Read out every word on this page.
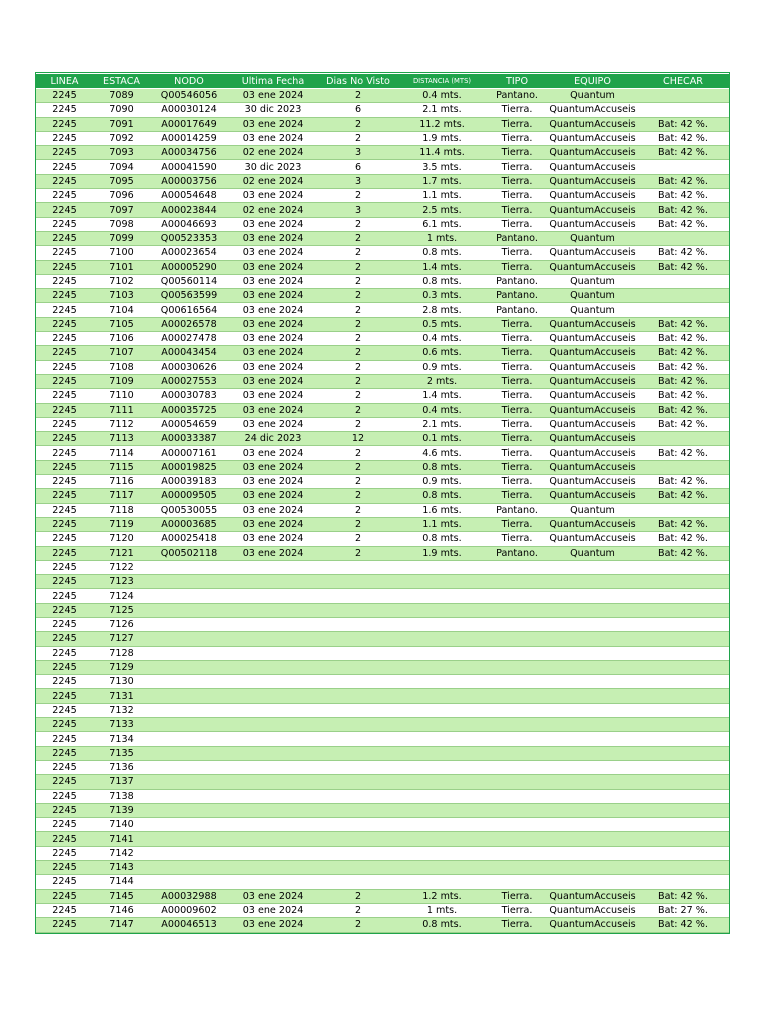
LINEA	ESTACA	NODO	Ultima Fecha	Dias No Visto	DISTANCIA (MTS)	TIPO	EQUIPO	CHECAR
2245	7089	Q00546056	03 ene 2024	2	0.4 mts.	Pantano.	Quantum	
2245	7090	A00030124	30 dic 2023	6	2.1 mts.	Tierra.	QuantumAccuseis	
2245	7091	A00017649	03 ene 2024	2	11.2 mts.	Tierra.	QuantumAccuseis	Bat: 42 %.
2245	7092	A00014259	03 ene 2024	2	1.9 mts.	Tierra.	QuantumAccuseis	Bat: 42 %.
2245	7093	A00034756	02 ene 2024	3	11.4 mts.	Tierra.	QuantumAccuseis	Bat: 42 %.
2245	7094	A00041590	30 dic 2023	6	3.5 mts.	Tierra.	QuantumAccuseis	
2245	7095	A00003756	02 ene 2024	3	1.7 mts.	Tierra.	QuantumAccuseis	Bat: 42 %.
2245	7096	A00054648	03 ene 2024	2	1.1 mts.	Tierra.	QuantumAccuseis	Bat: 42 %.
2245	7097	A00023844	02 ene 2024	3	2.5 mts.	Tierra.	QuantumAccuseis	Bat: 42 %.
2245	7098	A00046693	03 ene 2024	2	6.1 mts.	Tierra.	QuantumAccuseis	Bat: 42 %.
2245	7099	Q00523353	03 ene 2024	2	1 mts.	Pantano.	Quantum	
2245	7100	A00023654	03 ene 2024	2	0.8 mts.	Tierra.	QuantumAccuseis	Bat: 42 %.
2245	7101	A00005290	03 ene 2024	2	1.4 mts.	Tierra.	QuantumAccuseis	Bat: 42 %.
2245	7102	Q00560114	03 ene 2024	2	0.8 mts.	Pantano.	Quantum	
2245	7103	Q00563599	03 ene 2024	2	0.3 mts.	Pantano.	Quantum	
2245	7104	Q00616564	03 ene 2024	2	2.8 mts.	Pantano.	Quantum	
2245	7105	A00026578	03 ene 2024	2	0.5 mts.	Tierra.	QuantumAccuseis	Bat: 42 %.
2245	7106	A00027478	03 ene 2024	2	0.4 mts.	Tierra.	QuantumAccuseis	Bat: 42 %.
2245	7107	A00043454	03 ene 2024	2	0.6 mts.	Tierra.	QuantumAccuseis	Bat: 42 %.
2245	7108	A00030626	03 ene 2024	2	0.9 mts.	Tierra.	QuantumAccuseis	Bat: 42 %.
2245	7109	A00027553	03 ene 2024	2	2 mts.	Tierra.	QuantumAccuseis	Bat: 42 %.
2245	7110	A00030783	03 ene 2024	2	1.4 mts.	Tierra.	QuantumAccuseis	Bat: 42 %.
2245	7111	A00035725	03 ene 2024	2	0.4 mts.	Tierra.	QuantumAccuseis	Bat: 42 %.
2245	7112	A00054659	03 ene 2024	2	2.1 mts.	Tierra.	QuantumAccuseis	Bat: 42 %.
2245	7113	A00033387	24 dic 2023	12	0.1 mts.	Tierra.	QuantumAccuseis	
2245	7114	A00007161	03 ene 2024	2	4.6 mts.	Tierra.	QuantumAccuseis	Bat: 42 %.
2245	7115	A00019825	03 ene 2024	2	0.8 mts.	Tierra.	QuantumAccuseis	
2245	7116	A00039183	03 ene 2024	2	0.9 mts.	Tierra.	QuantumAccuseis	Bat: 42 %.
2245	7117	A00009505	03 ene 2024	2	0.8 mts.	Tierra.	QuantumAccuseis	Bat: 42 %.
2245	7118	Q00530055	03 ene 2024	2	1.6 mts.	Pantano.	Quantum	
2245	7119	A00003685	03 ene 2024	2	1.1 mts.	Tierra.	QuantumAccuseis	Bat: 42 %.
2245	7120	A00025418	03 ene 2024	2	0.8 mts.	Tierra.	QuantumAccuseis	Bat: 42 %.
2245	7121	Q00502118	03 ene 2024	2	1.9 mts.	Pantano.	Quantum	Bat: 42 %.
2245	7122							
2245	7123							
2245	7124							
2245	7125							
2245	7126							
2245	7127							
2245	7128							
2245	7129							
2245	7130							
2245	7131							
2245	7132							
2245	7133							
2245	7134							
2245	7135							
2245	7136							
2245	7137							
2245	7138							
2245	7139							
2245	7140							
2245	7141							
2245	7142							
2245	7143							
2245	7144							
2245	7145	A00032988	03 ene 2024	2	1.2 mts.	Tierra.	QuantumAccuseis	Bat: 42 %.
2245	7146	A00009602	03 ene 2024	2	1 mts.	Tierra.	QuantumAccuseis	Bat: 27 %.
2245	7147	A00046513	03 ene 2024	2	0.8 mts.	Tierra.	QuantumAccuseis	Bat: 42 %.
